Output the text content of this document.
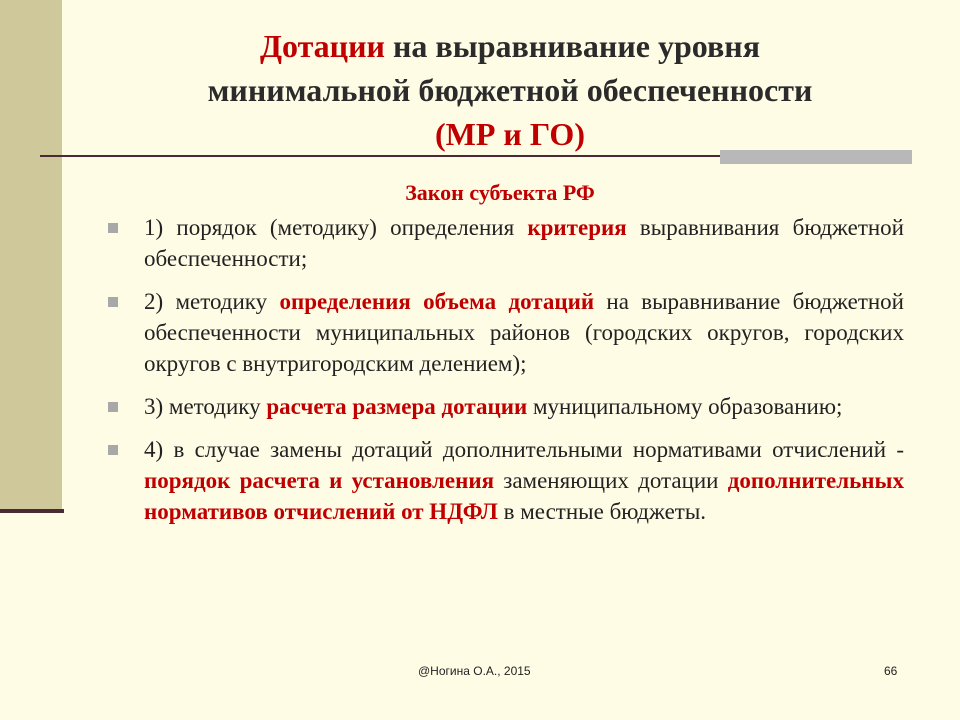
Дотации на выравнивание уровня
минимальной бюджетной обеспеченности
(МР и ГО)
Закон субъекта РФ
1) порядок (методику) определения критерия выравнивания бюджетной обеспеченности;
2) методику определения объема дотаций на выравнивание бюджетной обеспеченности муниципальных районов (городских округов, городских округов с внутригородским делением);
3) методику расчета размера дотации муниципальному образованию;
4) в случае замены дотаций дополнительными нормативами отчислений - порядок расчета и установления заменяющих дотации дополнительных нормативов отчислений от НДФЛ в местные бюджеты.
@Ногина О.А., 2015	66
